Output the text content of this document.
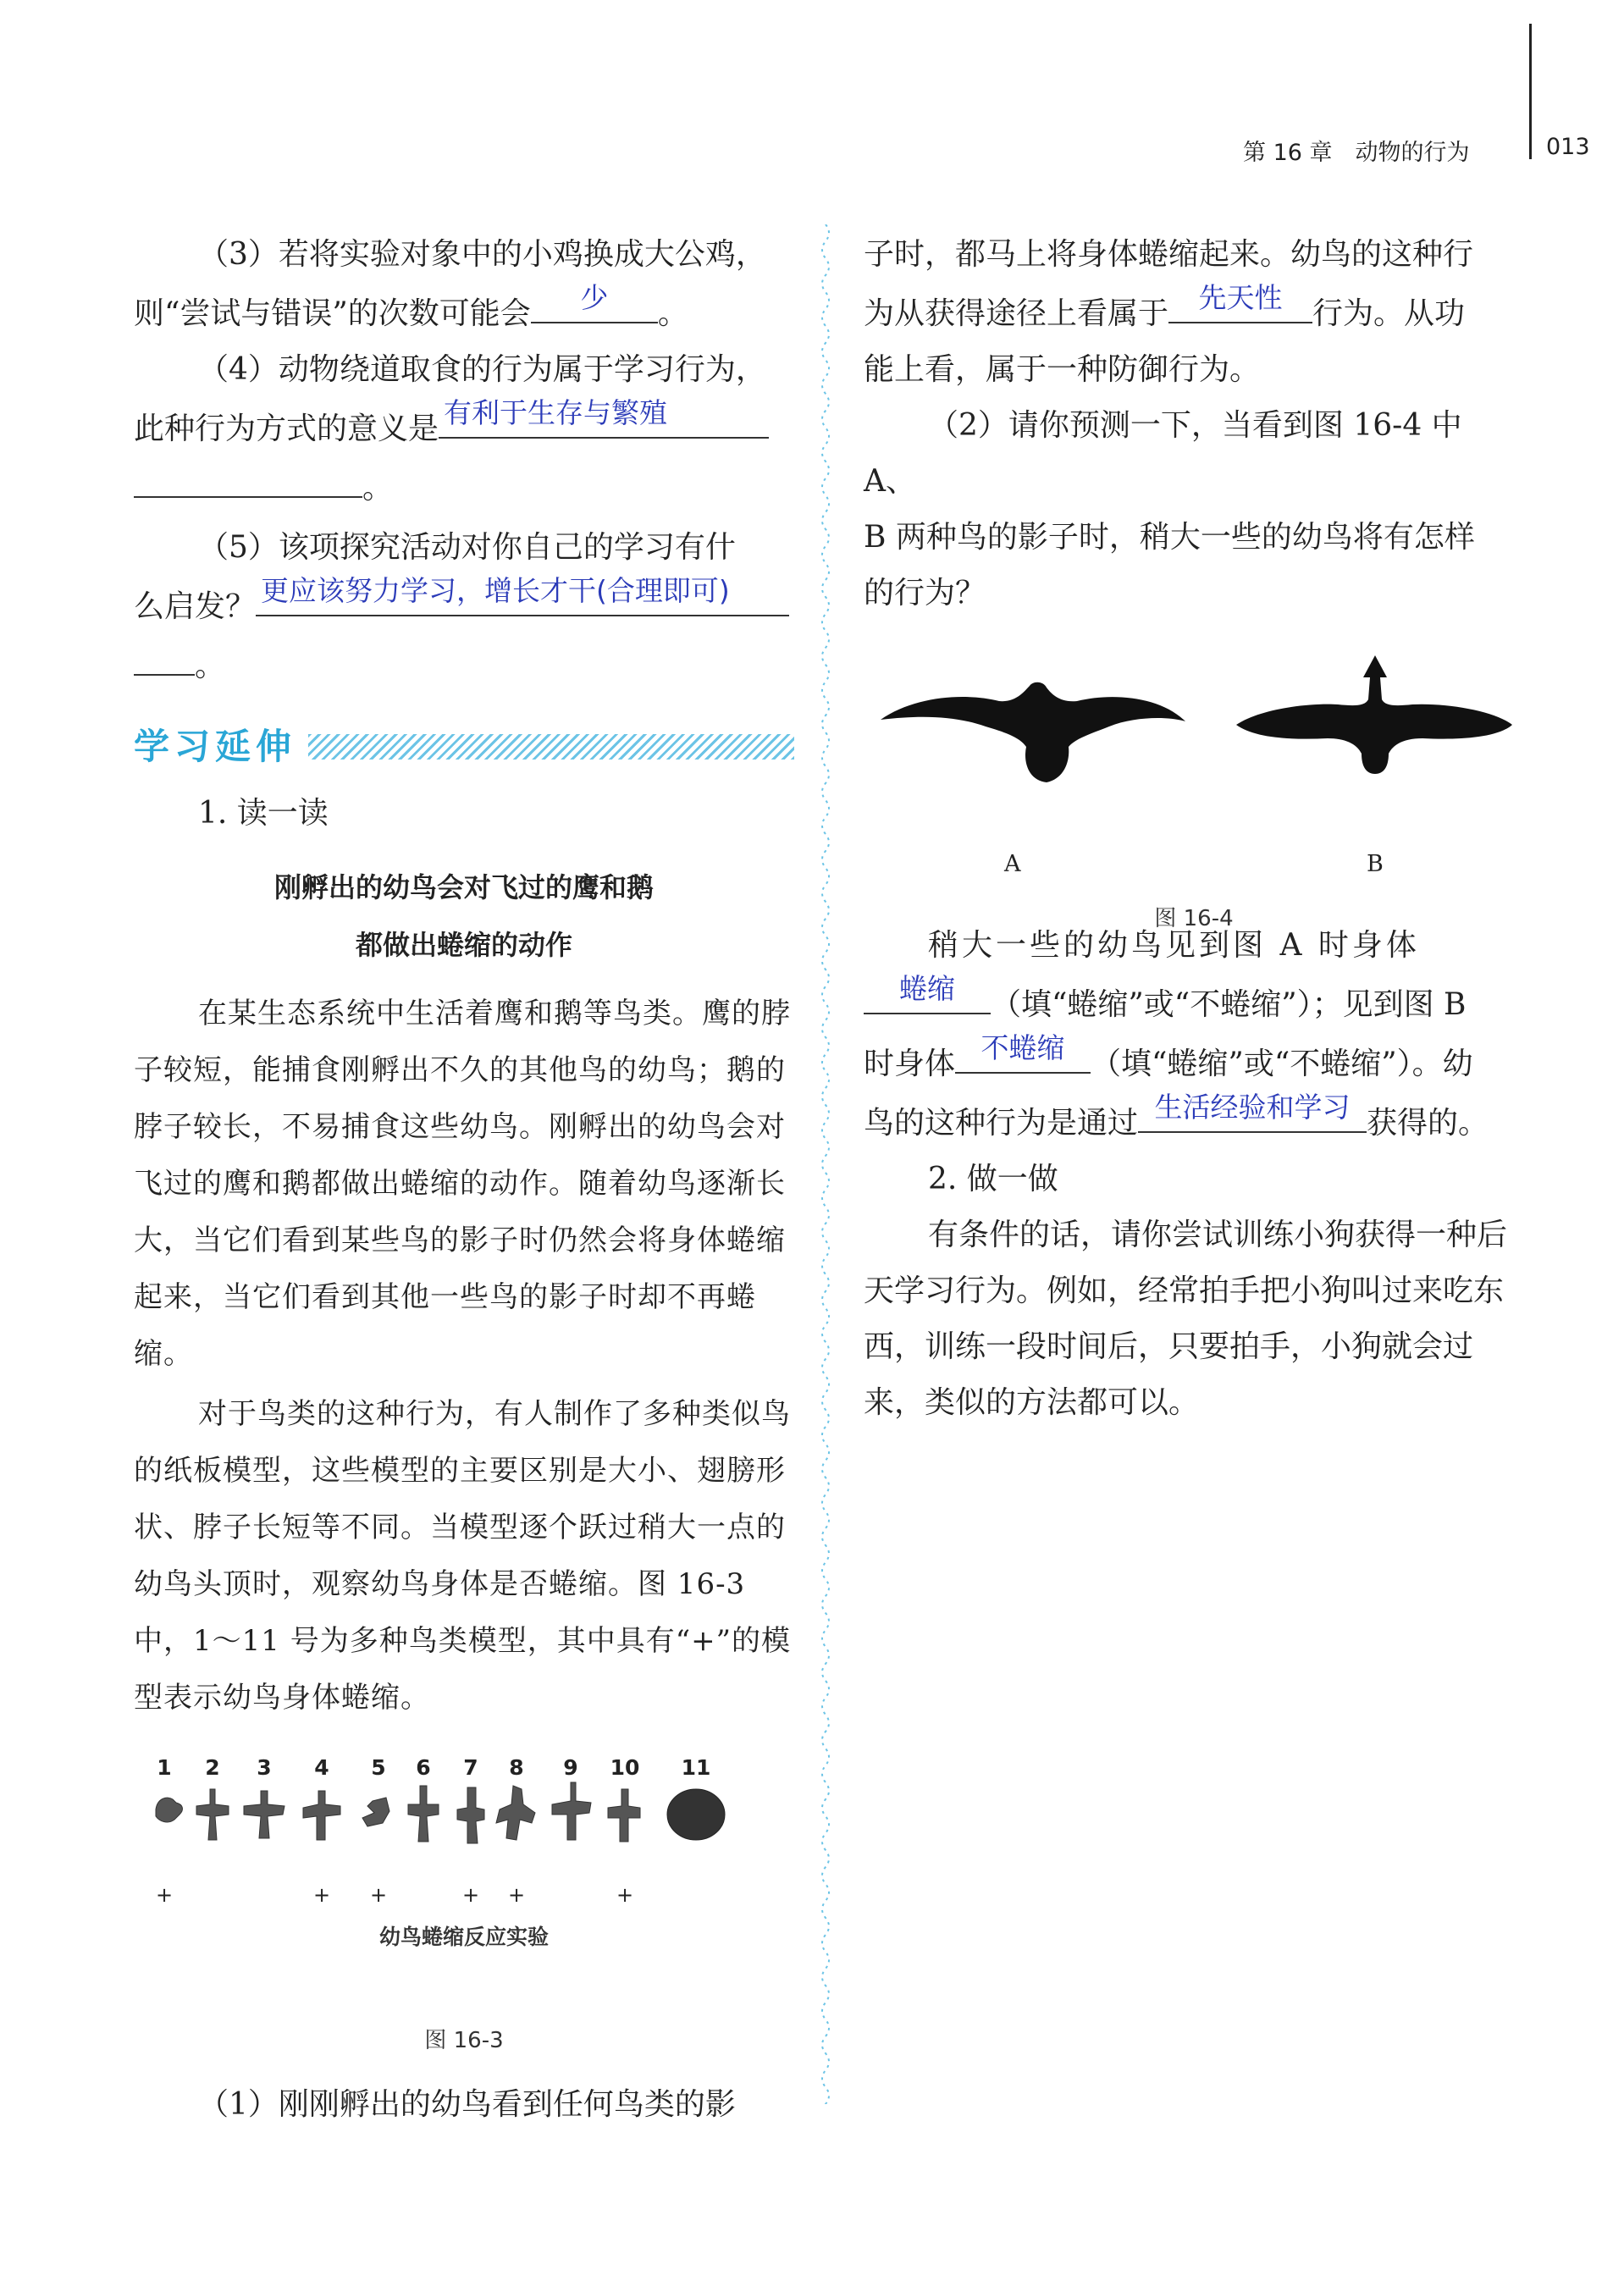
第 16 章　动物的行为	013

（3）若将实验对象中的小鸡换成大公鸡，

则“尝试与错误”的次数可能会	少	。

（4）动物绕道取食的行为属于学习行为，

此种行为方式的意义是 有利于生存与繁殖

。

（5）该项探究活动对你自己的学习有什

么启发？ 更应该努力学习，增长才干(合理即可)

。

学习延伸

1. 读一读

刚孵出的幼鸟会对飞过的鹰和鹅
都做出蜷缩的动作

在某生态系统中生活着鹰和鹅等鸟类。鹰的脖子较短，能捕食刚孵出不久的其他鸟的幼鸟；鹅的脖子较长，不易捕食这些幼鸟。刚孵出的幼鸟会对飞过的鹰和鹅都做出蜷缩的动作。随着幼鸟逐渐长大，当它们看到某些鸟的影子时仍然会将身体蜷缩起来，当它们看到其他一些鸟的影子时却不再蜷缩。

对于鸟类的这种行为，有人制作了多种类似鸟的纸板模型，这些模型的主要区别是大小、翅膀形状、脖子长短等不同。当模型逐个跃过稍大一点的幼鸟头顶时，观察幼鸟身体是否蜷缩。图 16-3 中，1～11 号为多种鸟类模型，其中具有“+”的模型表示幼鸟身体蜷缩。

1 2 3 4 5 6 7 8 9 10 11
+	+ +	+ +	+
幼鸟蜷缩反应实验
图 16-3

（1）刚刚孵出的幼鸟看到任何鸟类的影

子时，都马上将身体蜷缩起来。幼鸟的这种行

为从获得途径上看属于	先天性 行为。从功

能上看，属于一种防御行为。

（2）请你预测一下，当看到图 16-4 中 A、

B 两种鸟的影子时，稍大一些的幼鸟将有怎样

的行为？

A	B
图 16-4

稍大一些的幼鸟见到图 A 时身体

蜷缩	（填“蜷缩”或“不蜷缩”）；见到图 B

时身体 不蜷缩 （填“蜷缩”或“不蜷缩”）。幼

鸟的这种行为是通过 生活经验和学习 获得的。

2. 做一做

有条件的话，请你尝试训练小狗获得一种后天学习行为。例如，经常拍手把小狗叫过来吃东西，训练一段时间后，只要拍手，小狗就会过来，类似的方法都可以。
